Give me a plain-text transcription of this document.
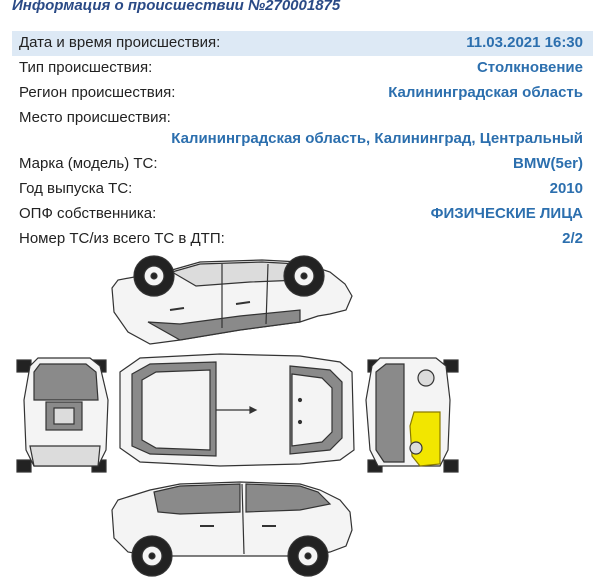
Информация о происшествии №270001875
Дата и время происшествия:	11.03.2021 16:30
Тип происшествия:	Столкновение
Регион происшествия:	Калининградская область
Место происшествия:
Калининградская область, Калининград, Центральный
Марка (модель) ТС:	BMW(5er)
Год выпуска ТС:	2010
ОПФ собственника:	ФИЗИЧЕСКИЕ ЛИЦА
Номер ТС/из всего ТС в ДТП:	2/2
